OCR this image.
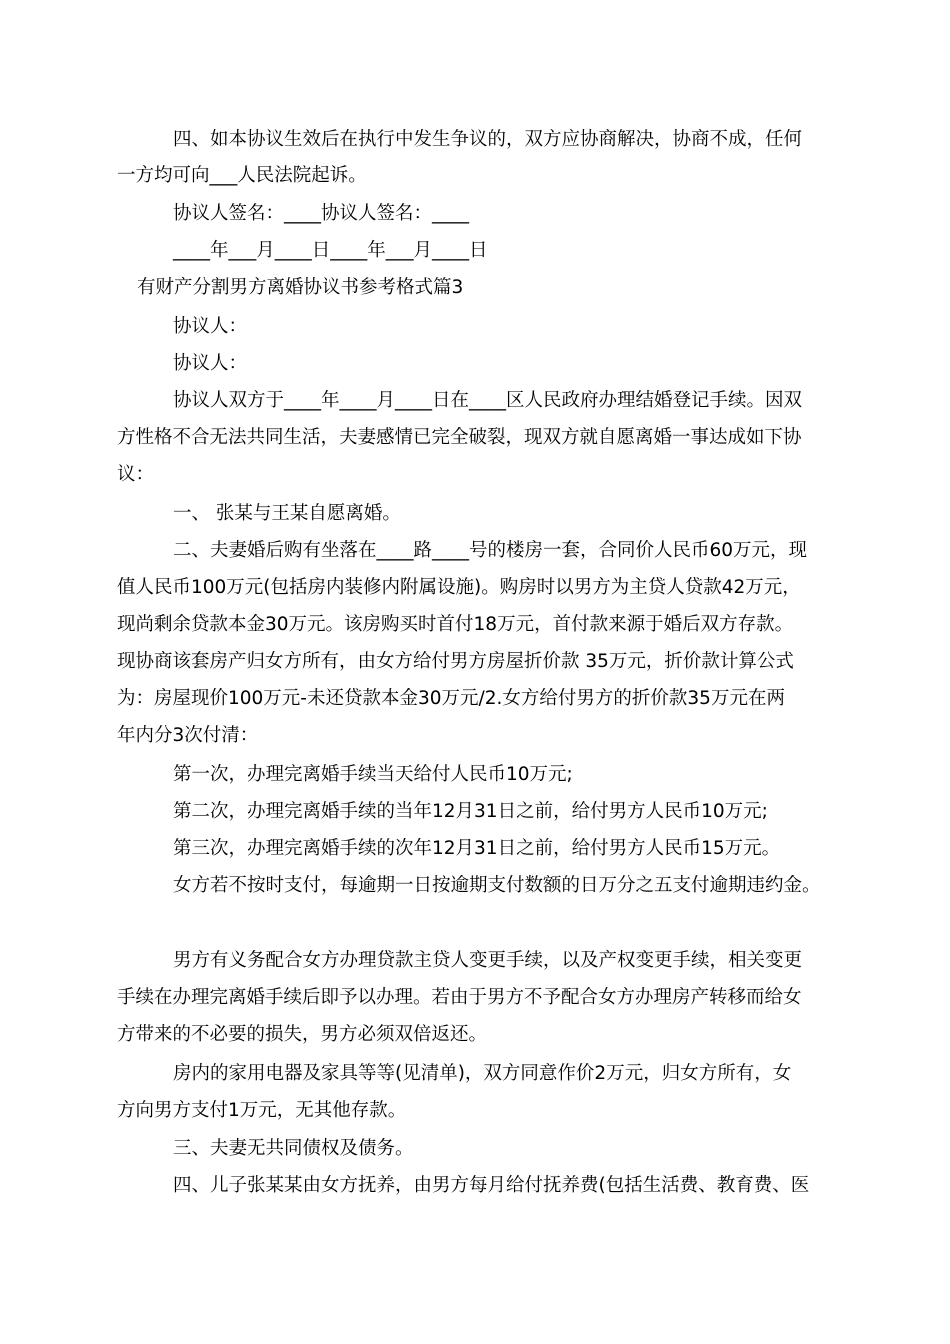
四、如本协议生效后在执行中发生争议的，双方应协商解决，协商不成，任何
一方均可向___人民法院起诉。
协议人签名：____协议人签名：____
____年___月____日____年___月____日
有财产分割男方离婚协议书参考格式篇3
协议人：
协议人：
协议人双方于____年____月____日在____区人民政府办理结婚登记手续。因双
方性格不合无法共同生活，夫妻感情已完全破裂，现双方就自愿离婚一事达成如下协
议：
一、 张某与王某自愿离婚。
二、夫妻婚后购有坐落在____路____号的楼房一套，合同价人民币60万元，现
值人民币100万元(包括房内装修内附属设施)。购房时以男方为主贷人贷款42万元，
现尚剩余贷款本金30万元。该房购买时首付18万元，首付款来源于婚后双方存款。
现协商该套房产归女方所有，由女方给付男方房屋折价款 35万元，折价款计算公式
为：房屋现价100万元-未还贷款本金30万元/2.女方给付男方的折价款35万元在两
年内分3次付清：
第一次，办理完离婚手续当天给付人民币10万元;
第二次，办理完离婚手续的当年12月31日之前，给付男方人民币10万元;
第三次，办理完离婚手续的次年12月31日之前，给付男方人民币15万元。
女方若不按时支付，每逾期一日按逾期支付数额的日万分之五支付逾期违约金。
男方有义务配合女方办理贷款主贷人变更手续，以及产权变更手续，相关变更
手续在办理完离婚手续后即予以办理。若由于男方不予配合女方办理房产转移而给女
方带来的不必要的损失，男方必须双倍返还。
房内的家用电器及家具等等(见清单)，双方同意作价2万元，归女方所有，女
方向男方支付1万元，无其他存款。
三、夫妻无共同债权及债务。
四、儿子张某某由女方抚养，由男方每月给付抚养费(包括生活费、教育费、医
